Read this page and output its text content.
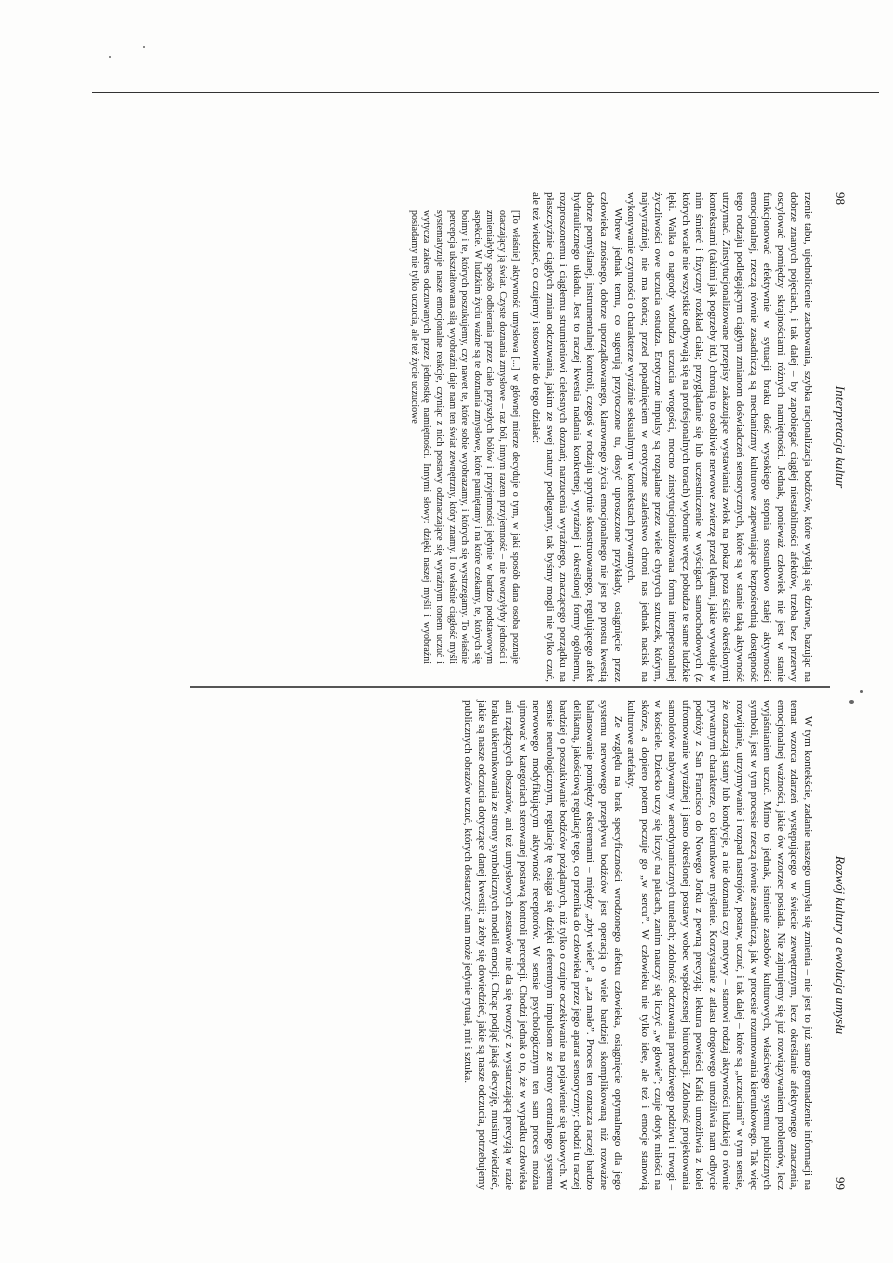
98
Interpretacja kultur

rzenie tabu, ujednolicenie zachowania, szybka racjonalizacja bodźców, które wydają się dziwne, bazując na dobrze znanych pojęciach, i tak dalej – by zapobiegać ciągłej niestabilności afektów, trzeba bez przerwy oscylować pomiędzy skrajnościami różnych namiętności. Jednak, ponieważ człowiek nie jest w stanie funkcjonować efektywnie w sytuacji braku dość wysokiego stopnia stosunkowo stałej aktywności emocjonalnej, rzeczą równie zasadniczą są mechanizmy kulturowe zapewniające bezpośrednią dostępność tego rodzaju podlegającym ciągłym zmianom doświadczeń sensorycznych, które są w stanie taką aktywność utrzymać. Zinstytucjonalizowane przepisy zakazujące wystawiania zwłok na pokaz poza ściśle określonymi kontekstami (takimi jak pogrzeby itd.) chronią to osobliwie nerwowe zwierzę przed lękami, jakie wywołuje w nim śmierć i fizyczny rozkład ciała; przyglądanie się lub uczestniczenie w wyścigach samochodowych (z których wcale nie wszystkie odbywają się na profesjonalnych torach) wybornie wręcz pobudza te same ludzkie lęki. Walka o nagrody wzbudza uczucia wrogości, mocno zinstytucjonalizowana forma interpersonalnej życzliwości owe uczucia ostudza. Erotyczne impulsy są rozpalane przez wiele chytrych sztuczek, którym, najwyraźniej, nie ma końca; przed popadnięciem w erotyczne szaleństwo chroni nas jednak nacisk na wykonywanie czynności o charakterze wyraźnie seksualnym w kontekstach prywatnych.

Wbrew jednak temu, co sugerują przytoczone tu, dosyć uproszczone przykłady, osiągnięcie przez człowieka znośnego, dobrze uporządkowanego, klarownego życia emocjonalnego nie jest po prostu kwestią dobrze pomyślanej, instrumentalnej kontroli, czegoś w rodzaju sprytnie skonstruowanego, regulującego afekt hydraulicznego układu. Jest to raczej kwestia nadania konkretnej, wyraźnej i określonej formy ogólnemu, rozproszonemu i ciągłemu strumieniowi cielesnych doznań; narzucenia wyraźnego, znaczącego porządku na płaszczyźnie ciągłych zmian odczuwania, jakim ze swej natury podlegamy, tak byśmy mogli nie tylko czuć, ale też wiedzieć, co czujemy i stosownie do tego działać:

[To właśnie] aktywność umysłowa [...] w głównej mierze decyduje o tym, w jaki sposób dana osoba poznaje otaczający ją świat. Czyste doznania zmysłowe – raz ból, innym razem przyjemność – nie tworzyłyby jedności i zmieniałyby sposób odbierania przez ciało przyszłych bólów i przyjemności jedynie w bardzo podstawowym aspekcie. W ludzkim życiu ważne są te doznania zmysłowe, które pamiętamy i na które czekamy, te, których się boimy i te, których poszukujemy, czy nawet te, które sobie wyobrazamy, i których się wystrzegamy. To właśnie percepcja ukształtowana siłą wyobraźni daje nam ten świat zewnętrzny, który znamy. I to właśnie ciągłość myśli systematyzuje nasze emocjonalne reakcje, czyniąc z nich postawy odznaczające się wyraźnym tonem uczuć i wytycza zakres odczuwanych przez jednostkę namiętności. Innymi słowy: dzięki naszej myśli i wyobraźni posiadamy nie tylko uczucia, ale też życie uczuciowe
Rozwój kultury a ewolucja umysłu
99

W tym kontekście, zadanie naszego umysłu się zmienia – nie jest to już samo gromadzenie informacji na temat wzorca zdarzeń występującego w świecie zewnętrznym, lecz określanie afektywnego znaczenia, emocjonalnej ważności, jakie ów wzorzec posiada. Nie zajmujemy się już rozwiązywaniem problemów, lecz wyjaśnianiem uczuć. Mimo to jednak, istnienie zasobów kulturowych, właściwego systemu publicznych symboli, jest w tym procesie rzeczą równie zasadniczą, jak w procesie rozumowania kierunkowego. Tak więc rozwijanie, utrzymywanie i rozpad nastrojów, postaw, uczuć, i tak dalej – które są „uczuciami” w tym sensie, że oznaczają stany lub kondycje, a nie doznania czy motywy – stanowi rodzaj aktywności ludzkiej o równie prywatnym charakterze, co kierunkowe myślenie. Korzystanie z atlasu drogowego umożliwia nam odbycie podróży z San Francisco do Nowego Jorku z pewną precyzją; lektura powieści Kafki umożliwia z kolei ufromowanie wyraźnej i jasno określonej postawy wobec współczesnej biurokracji. Zdolność projektowania samolotów nabywamy w aerodynamicznych tunelach; zdolność odczuwania prawdziwego podziwu i trwogi – w kościele. Dziecko uczy się liczyć na palcach, zanim nauczy się liczyć „w głowie”; czuje dotyk miłości na skórze, a dopiero potem poczuje go „w sercu”. W człowieku nie tylko idee, ale też i emocje stanowią kulturowe artefakty.

Ze względu na brak specyficzności wrodzonego afektu człowieka, osiągnięcie optymalnego dla jego systemu nerwowego przepływu bodźców jest operacją o wiele bardziej skomplikowaną niż rozważne balansowanie pomiędzy ekstremami – między „zbyt wiele”, a „za mało”. Proces ten oznacza raczej bardzo delikatną, jakościową regulację tego, co przenika do człowieka przez jego aparat sensoryczny; chodzi tu raczej bardziej o poszukiwanie bodźców pożądanych, niż tylko o czujne oczekiwanie na pojawienie się takowych. W sensie neurologicznym, regulację tę osiąga się dzięki eferentnym impulsom ze strony centralnego systemu nerwowego modyfikującym aktywność receptorów. W sensie psychologicznym ten sam proces można ujmować w kategoriach sterowanej postawą kontroli percepcji. Chodzi jednak o to, że w wypadku człowieka ani rządzących obszarów, ani też umysłowych zestawów nie da się tworzyć z wystarczającą precyzją w razie braku ukierunkowania ze strony symbolicznych modeli emocji. Chcąc podjąć jakąś decyzję, musimy wiedzieć, jakie są nasze odczucia dotyczące danej kwestii; a żeby się dowiedzieć, jakie są nasze odczucia, potrzebujemy publicznych obrazów uczuć, których dostarczyć nam może jedynie rytuał, mit i sztuka.
